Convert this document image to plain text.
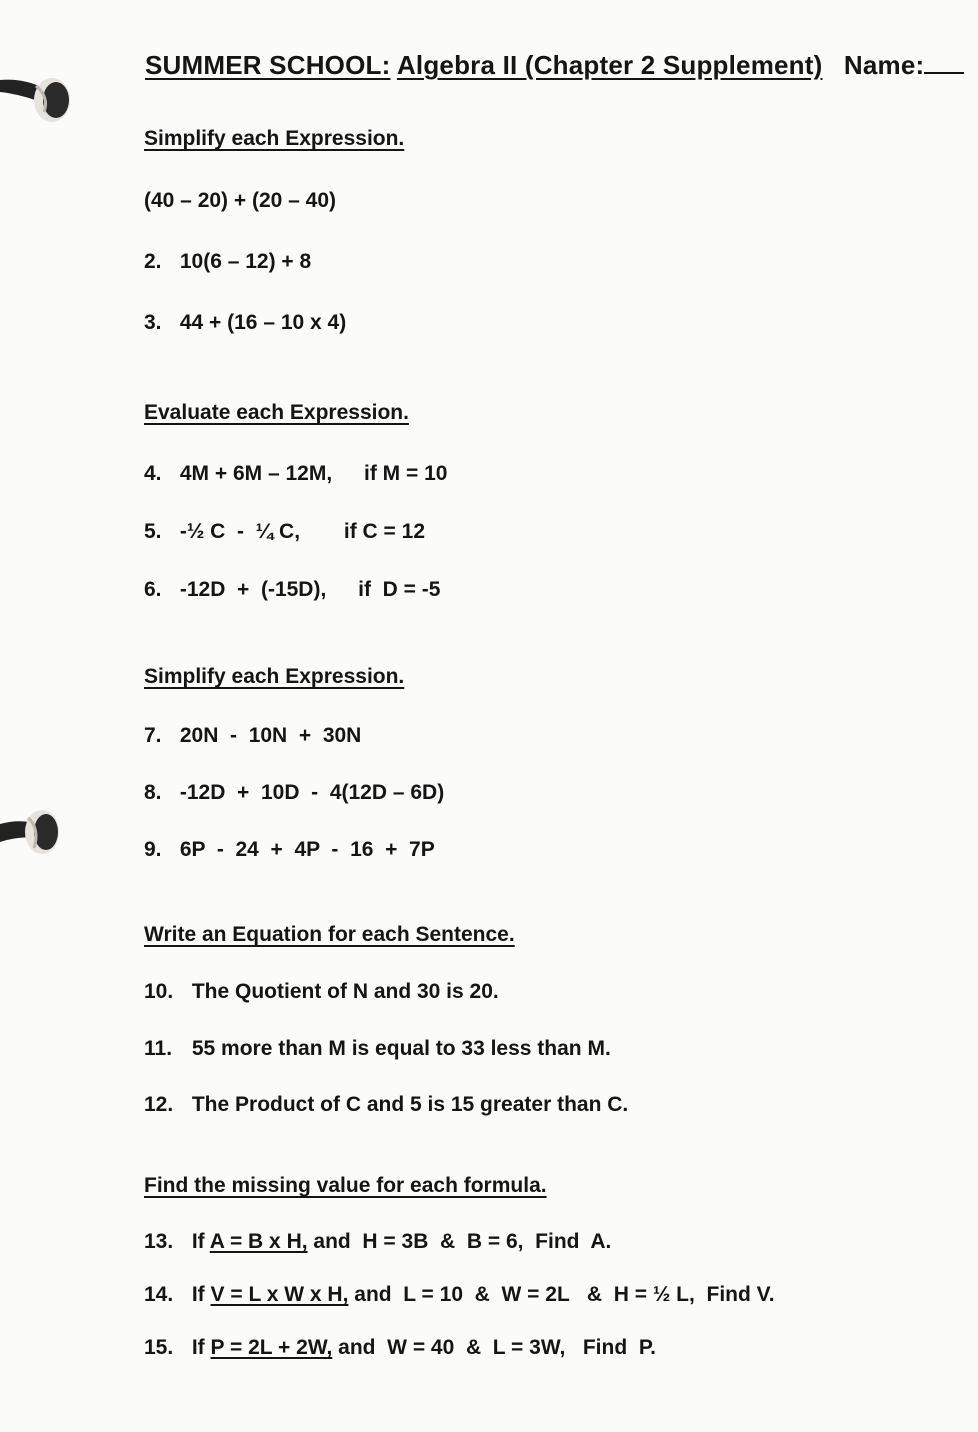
SUMMER SCHOOL: Algebra II (Chapter 2 Supplement) Name:
Simplify each Expression.
(40 – 20) + (20 – 40)
2. 10(6 – 12) + 8
3. 44 + (16 – 10 x 4)
Evaluate each Expression.
4. 4M + 6M – 12M, if M = 10
5. -½ C  -  ¼ C, if C = 12
6. -12D  +  (-15D), if  D = -5
Simplify each Expression.
7. 20N  -  10N  +  30N
8. -12D  +  10D  -  4(12D – 6D)
9. 6P  -  24  +  4P  -  16  +  7P
Write an Equation for each Sentence.
10. The Quotient of N and 30 is 20.
11. 55 more than M is equal to 33 less than M.
12. The Product of C and 5 is 15 greater than C.
Find the missing value for each formula.
13. If A = B x H, and  H = 3B  &  B = 6,  Find  A.
14. If V = L x W x H, and  L = 10  &  W = 2L   &  H = ½ L,  Find V.
15. If P = 2L + 2W, and  W = 40  &  L = 3W,   Find  P.
